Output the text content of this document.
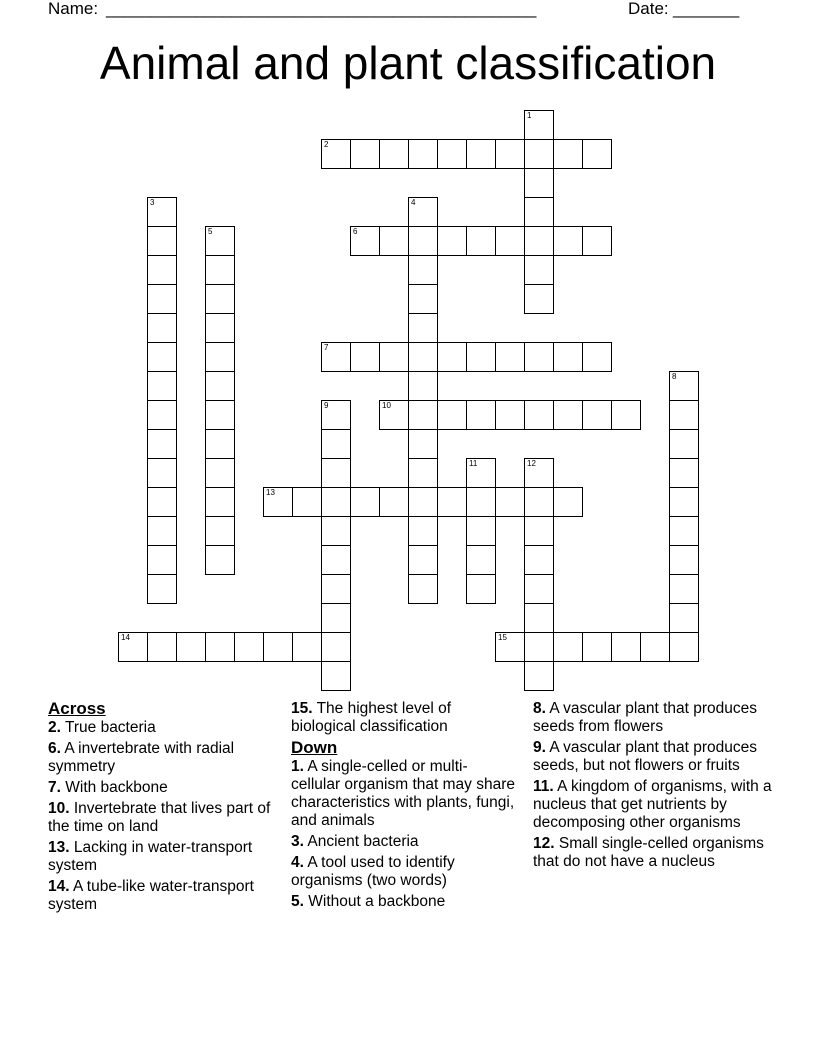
Name: ________________________________________________	Date: _______
Animal and plant classification
1
2
3	4
5	6
7
8
9	10
11	12
13
14	15
Across
2. True bacteria
6. A invertebrate with radial symmetry
7. With backbone
10. Invertebrate that lives part of the time on land
13. Lacking in water-transport system
14. A tube-like water-transport system
15. The highest level of biological classification
Down
1. A single-celled or multi-cellular organism that may share characteristics with plants, fungi, and animals
3. Ancient bacteria
4. A tool used to identify organisms (two words)
5. Without a backbone
8. A vascular plant that produces seeds from flowers
9. A vascular plant that produces seeds, but not flowers or fruits
11. A kingdom of organisms, with a nucleus that get nutrients by decomposing other organisms
12. Small single-celled organisms that do not have a nucleus
